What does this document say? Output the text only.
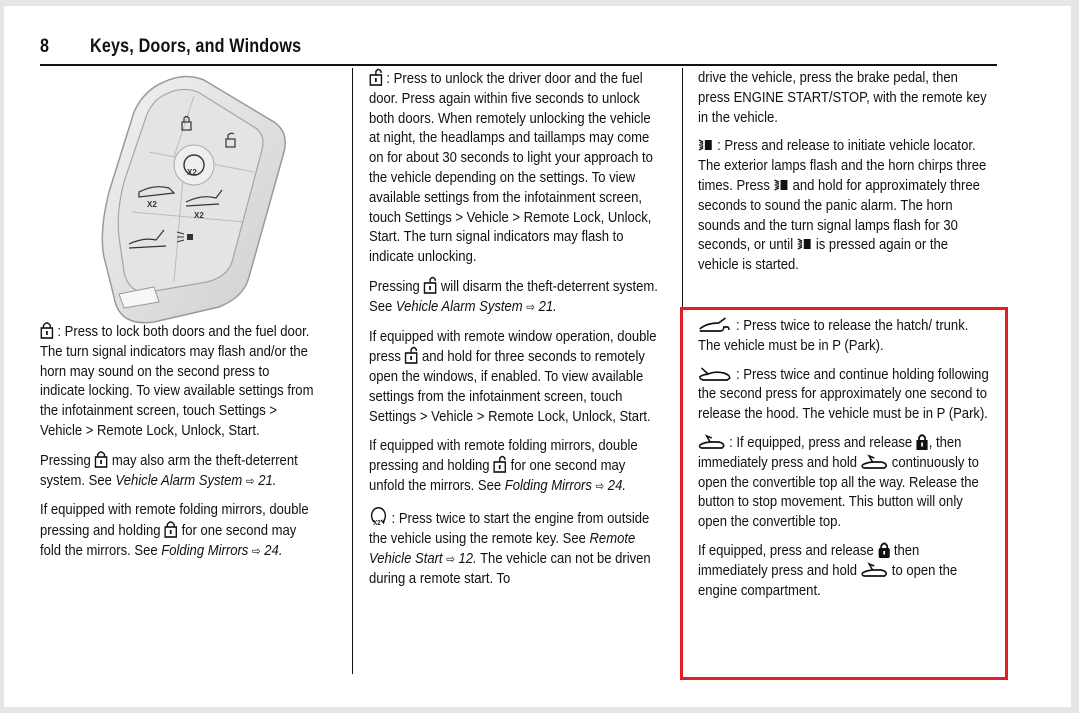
8 Keys, Doors, and Windows
X2
X2
X2

: Press to lock both doors and the fuel door. The turn signal indicators may flash and/or the horn may sound on the second press to indicate locking. To view available settings from the infotainment screen, touch Settings > Vehicle > Remote Lock, Unlock, Start.

Pressing may also arm the theft-deterrent system. See Vehicle Alarm System ⇨ 21.

If equipped with remote folding mirrors, double pressing and holding for one second may fold the mirrors. See Folding Mirrors ⇨ 24.

: Press to unlock the driver door and the fuel door. Press again within five seconds to unlock both doors. When remotely unlocking the vehicle at night, the headlamps and taillamps may come on for about 30 seconds to light your approach to the vehicle depending on the settings. To view available settings from the infotainment screen, touch Settings > Vehicle > Remote Lock, Unlock, Start. The turn signal indicators may flash to indicate unlocking.

Pressing will disarm the theft-deterrent system. See Vehicle Alarm System ⇨ 21.

If equipped with remote window operation, double press and hold for three seconds to remotely open the windows, if enabled. To view available settings from the infotainment screen, touch Settings > Vehicle > Remote Lock, Unlock, Start.

If equipped with remote folding mirrors, double pressing and holding for one second may unfold the mirrors. See Folding Mirrors ⇨ 24.

X2 : Press twice to start the engine from outside the vehicle using the remote key. See Remote Vehicle Start ⇨ 12. The vehicle can not be driven during a remote start. To

drive the vehicle, press the brake pedal, then press ENGINE START/STOP, with the remote key in the vehicle.

: Press and release to initiate vehicle locator. The exterior lamps flash and the horn chirps three times. Press and hold for approximately three seconds to sound the panic alarm. The horn sounds and the turn signal lamps flash for 30 seconds, or until is pressed again or the vehicle is started.

: Press twice to release the hatch/ trunk. The vehicle must be in P (Park).

: Press twice and continue holding following the second press for approximately one second to release the hood. The vehicle must be in P (Park).

: If equipped, press and release , then immediately press and hold continuously to open the convertible top all the way. Release the button to stop movement. This button will only open the convertible top.

If equipped, press and release then immediately press and hold to open the engine compartment.
